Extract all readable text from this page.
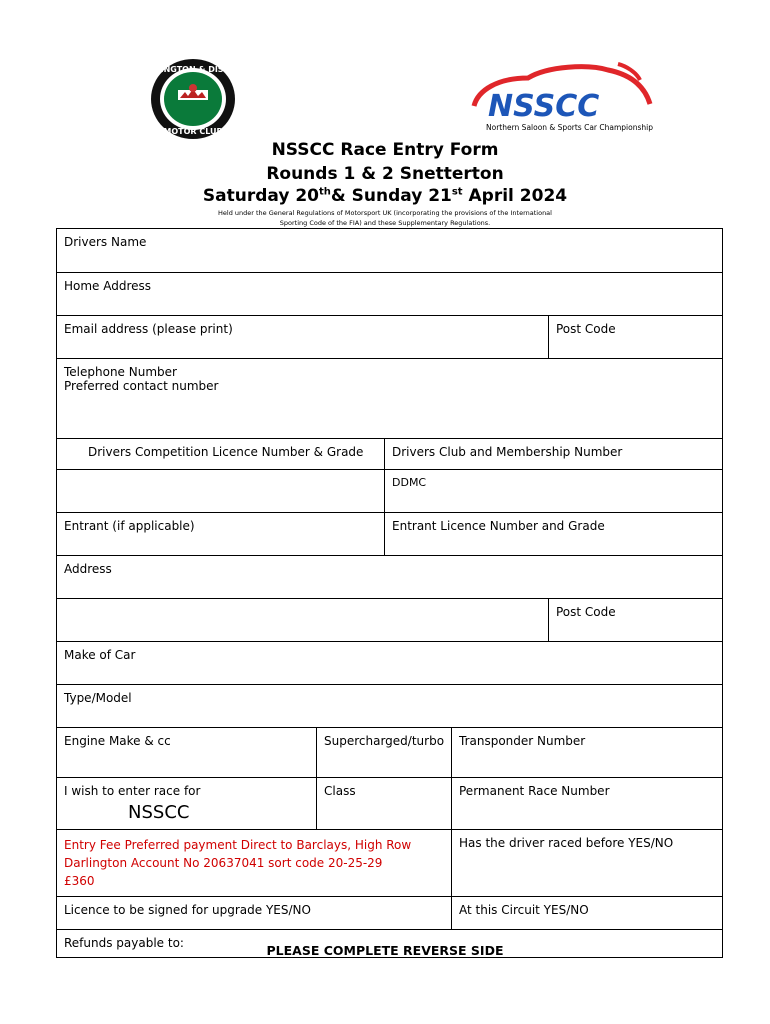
DARLINGTON & DISTRICT
MOTOR CLUB
NSSCC
Northern Saloon & Sports Car Championship
NSSCC Race Entry Form
Rounds 1 & 2 Snetterton
Saturday 20th& Sunday 21st April 2024
Held under the General Regulations of Motorsport UK (incorporating the provisions of the International
Sporting Code of the FIA) and these Supplementary Regulations.
Drivers Name				
Home Address				
Email address (please print)				Post Code

Telephone Number
Preferred contact number				

Drivers Competition Licence Number & Grade		Drivers Club and Membership Number		
		DDMC		
Entrant (if applicable)		Entrant Licence Number and Grade		
Address				
				Post Code
Make of Car				
Type/Model				
Engine Make & cc	Supercharged/turbo		Transponder Number	

I wish to enter race for
NSSCC	Class		Permanent Race Number	

Entry Fee Preferred payment Direct to Barclays, High Row
Darlington Account No 20637041 sort code 20-25-29
£360			Has the driver raced before YES/NO	
Licence to be signed for upgrade YES/NO			At this Circuit YES/NO	
Refunds payable to:					PLEASE COMPLETE REVERSE SIDE
